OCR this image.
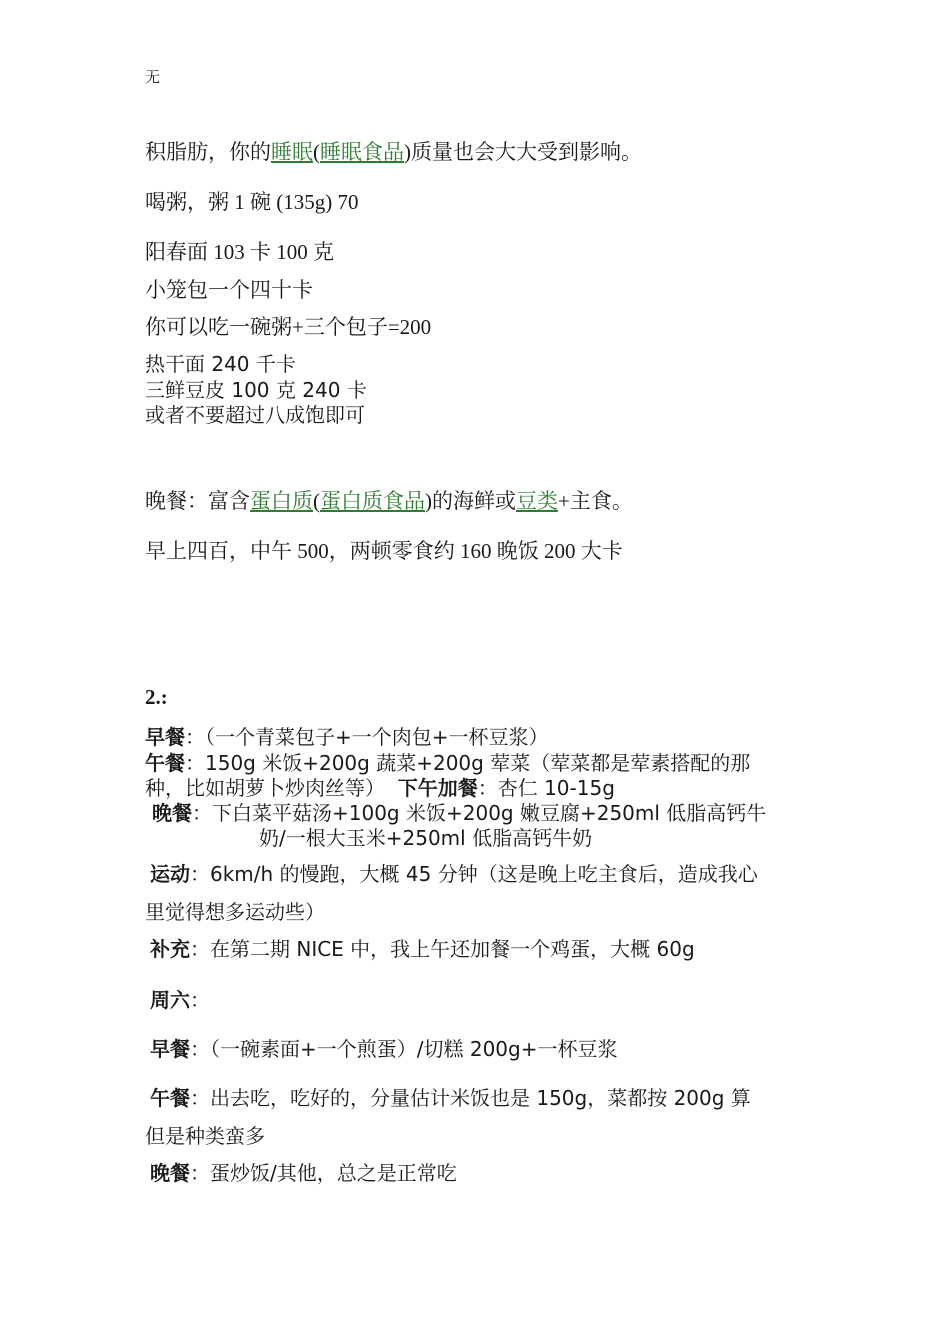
无
积脂肪，你的睡眠(睡眠食品)质量也会大大受到影响。
喝粥，粥 1 碗 (135g) 70
阳春面 103 卡 100 克
小笼包一个四十卡
你可以吃一碗粥+三个包子=200
热干面 240 千卡
三鲜豆皮 100 克 240 卡
或者不要超过八成饱即可
晚餐：富含蛋白质(蛋白质食品)的海鲜或豆类+主食。
早上四百，中午 500，两顿零食约 160 晚饭 200 大卡
2.:
早餐：（一个青菜包子+一个肉包+一杯豆浆）
午餐：150g 米饭+200g 蔬菜+200g 荤菜（荤菜都是荤素搭配的那
种，比如胡萝卜炒肉丝等） 下午加餐：杏仁 10-15g
晚餐：下白菜平菇汤+100g 米饭+200g 嫩豆腐+250ml 低脂高钙牛
奶/一根大玉米+250ml 低脂高钙牛奶
运动：6km/h 的慢跑，大概 45 分钟（这是晚上吃主食后，造成我心
里觉得想多运动些）
补充：在第二期 NICE 中，我上午还加餐一个鸡蛋，大概 60g
周六：
早餐：（一碗素面+一个煎蛋）/切糕 200g+一杯豆浆
午餐：出去吃，吃好的，分量估计米饭也是 150g，菜都按 200g 算
但是种类蛮多
晚餐：蛋炒饭/其他，总之是正常吃
